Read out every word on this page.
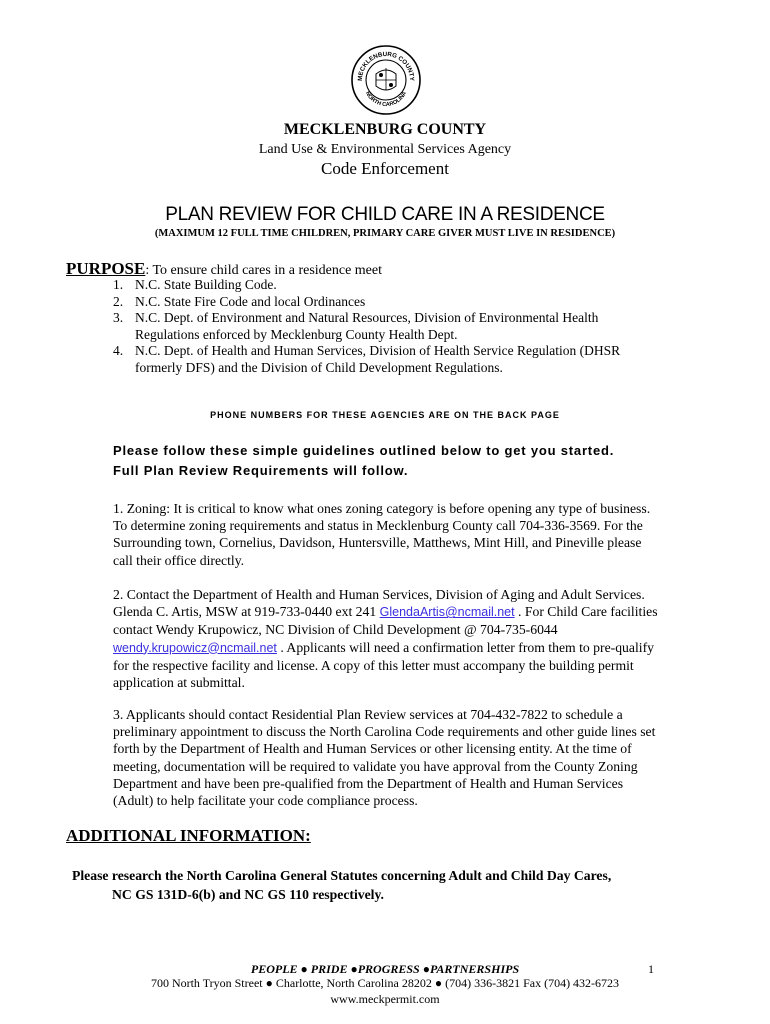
MECKLENBURG COUNTY
NORTH CAROLINA
MECKLENBURG COUNTY
Land Use & Environmental Services Agency
Code Enforcement
PLAN REVIEW FOR CHILD CARE IN A RESIDENCE
(MAXIMUM 12 FULL TIME CHILDREN, PRIMARY CARE GIVER MUST LIVE IN RESIDENCE)
PURPOSE: To ensure child cares in a residence meet
1. N.C. State Building Code.
2. N.C. State Fire Code and local Ordinances
3. N.C. Dept. of Environment and Natural Resources, Division of Environmental Health Regulations enforced by Mecklenburg County Health Dept.
4. N.C. Dept. of Health and Human Services, Division of Health Service Regulation (DHSR formerly DFS) and the Division of Child Development Regulations.
PHONE NUMBERS FOR THESE AGENCIES ARE ON THE BACK PAGE
Please follow these simple guidelines outlined below to get you started. Full Plan Review Requirements will follow.
1. Zoning: It is critical to know what ones zoning category is before opening any type of business. To determine zoning requirements and status in Mecklenburg County call 704-336-3569. For the Surrounding town, Cornelius, Davidson, Huntersville, Matthews, Mint Hill, and Pineville please call their office directly.
2. Contact the Department of Health and Human Services, Division of Aging and Adult Services. Glenda C. Artis, MSW at 919-733-0440 ext 241 GlendaArtis@ncmail.net . For Child Care facilities contact Wendy Krupowicz, NC Division of Child Development @ 704-735-6044 wendy.krupowicz@ncmail.net . Applicants will need a confirmation letter from them to pre-qualify for the respective facility and license. A copy of this letter must accompany the building permit application at submittal.
3. Applicants should contact Residential Plan Review services at 704-432-7822 to schedule a preliminary appointment to discuss the North Carolina Code requirements and other guide lines set forth by the Department of Health and Human Services or other licensing entity. At the time of meeting, documentation will be required to validate you have approval from the County Zoning Department and have been pre-qualified from the Department of Health and Human Services (Adult) to help facilitate your code compliance process.
ADDITIONAL INFORMATION:
Please research the North Carolina General Statutes concerning Adult and Child Day Cares,
NC GS 131D-6(b) and NC GS 110 respectively.
PEOPLE ● PRIDE ●PROGRESS ●PARTNERSHIPS	1
700 North Tryon Street ● Charlotte, North Carolina 28202 ● (704) 336-3821 Fax (704) 432-6723
www.meckpermit.com
